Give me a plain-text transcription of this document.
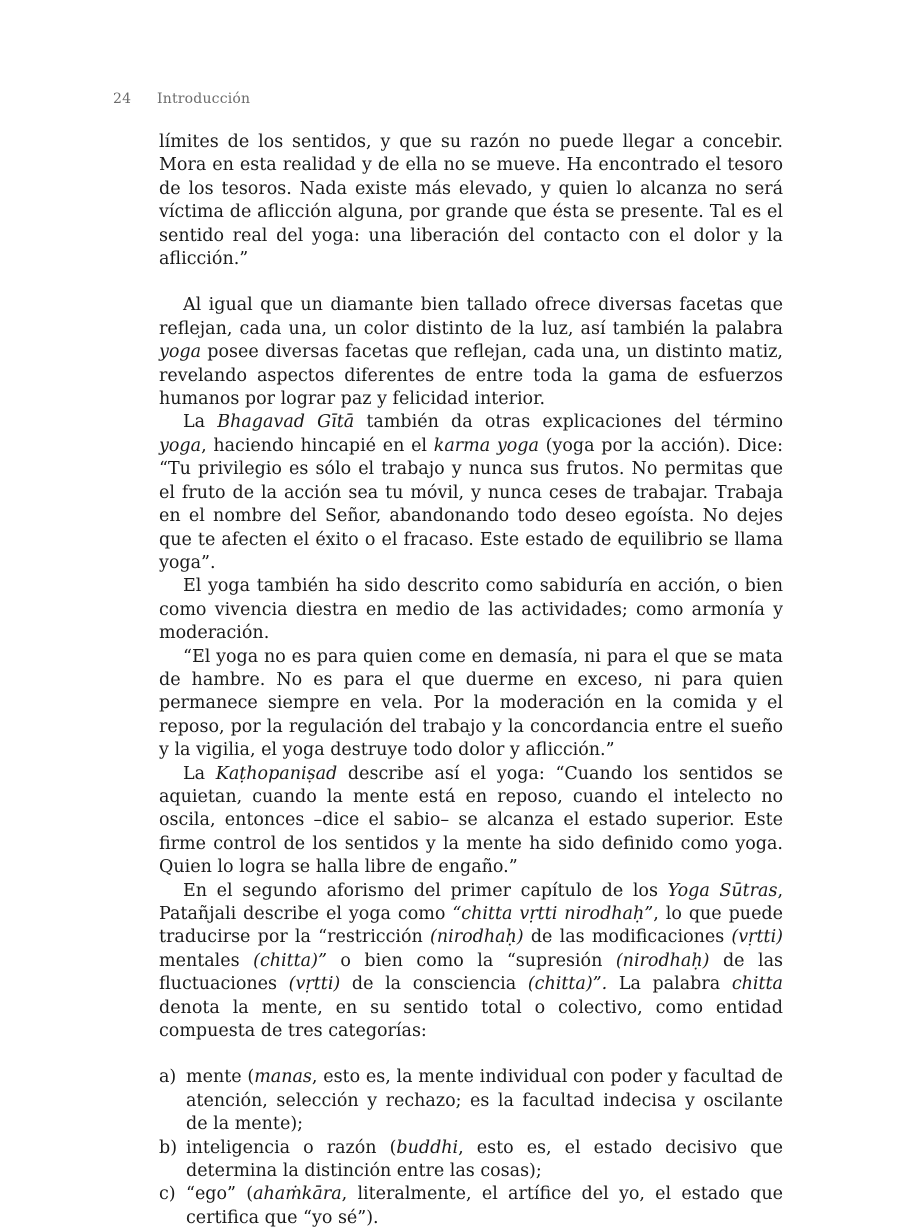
24 Introducción

límites de los sentidos, y que su razón no puede llegar a concebir. Mora en esta realidad y de ella no se mueve. Ha encontrado el tesoro de los tesoros. Nada existe más elevado, y quien lo alcanza no será víctima de aflicción alguna, por grande que ésta se presente. Tal es el sentido real del yoga: una liberación del contacto con el dolor y la aflicción.”

Al igual que un diamante bien tallado ofrece diversas facetas que reflejan, cada una, un color distinto de la luz, así también la palabra yoga posee diversas facetas que reflejan, cada una, un distinto matiz, revelando aspectos diferentes de entre toda la gama de esfuerzos humanos por lograr paz y felicidad interior.

La Bhagavad Gītā también da otras explicaciones del término yoga, haciendo hincapié en el karma yoga (yoga por la acción). Dice: “Tu privilegio es sólo el trabajo y nunca sus frutos. No permitas que el fruto de la acción sea tu móvil, y nunca ceses de trabajar. Trabaja en el nombre del Señor, abandonando todo deseo egoísta. No dejes que te afecten el éxito o el fracaso. Este estado de equilibrio se llama yoga”.

El yoga también ha sido descrito como sabiduría en acción, o bien como vivencia diestra en medio de las actividades; como armonía y moderación.

“El yoga no es para quien come en demasía, ni para el que se mata de hambre. No es para el que duerme en exceso, ni para quien permanece siempre en vela. Por la moderación en la comida y el reposo, por la regulación del trabajo y la concordancia entre el sueño y la vigilia, el yoga destruye todo dolor y aflicción.”

La Kaṭhopaniṣad describe así el yoga: “Cuando los sentidos se aquietan, cuando la mente está en reposo, cuando el intelecto no oscila, entonces –dice el sabio– se alcanza el estado superior. Este firme control de los sentidos y la mente ha sido definido como yoga. Quien lo logra se halla libre de engaño.”

En el segundo aforismo del primer capítulo de los Yoga Sūtras, Patañjali describe el yoga como “chitta vṛtti nirodhaḥ”, lo que puede traducirse por la “restricción (nirodhaḥ) de las modificaciones (vṛtti) mentales (chitta)” o bien como la “supresión (nirodhaḥ) de las fluctuaciones (vṛtti) de la consciencia (chitta)”. La palabra chitta denota la mente, en su sentido total o colectivo, como entidad compuesta de tres categorías:

a) mente (manas, esto es, la mente individual con poder y facultad de atención, selección y rechazo; es la facultad indecisa y oscilante de la mente);
b) inteligencia o razón (buddhi, esto es, el estado decisivo que determina la distinción entre las cosas);
c) “ego” (ahaṁkāra, literalmente, el artífice del yo, el estado que certifica que “yo sé”).
